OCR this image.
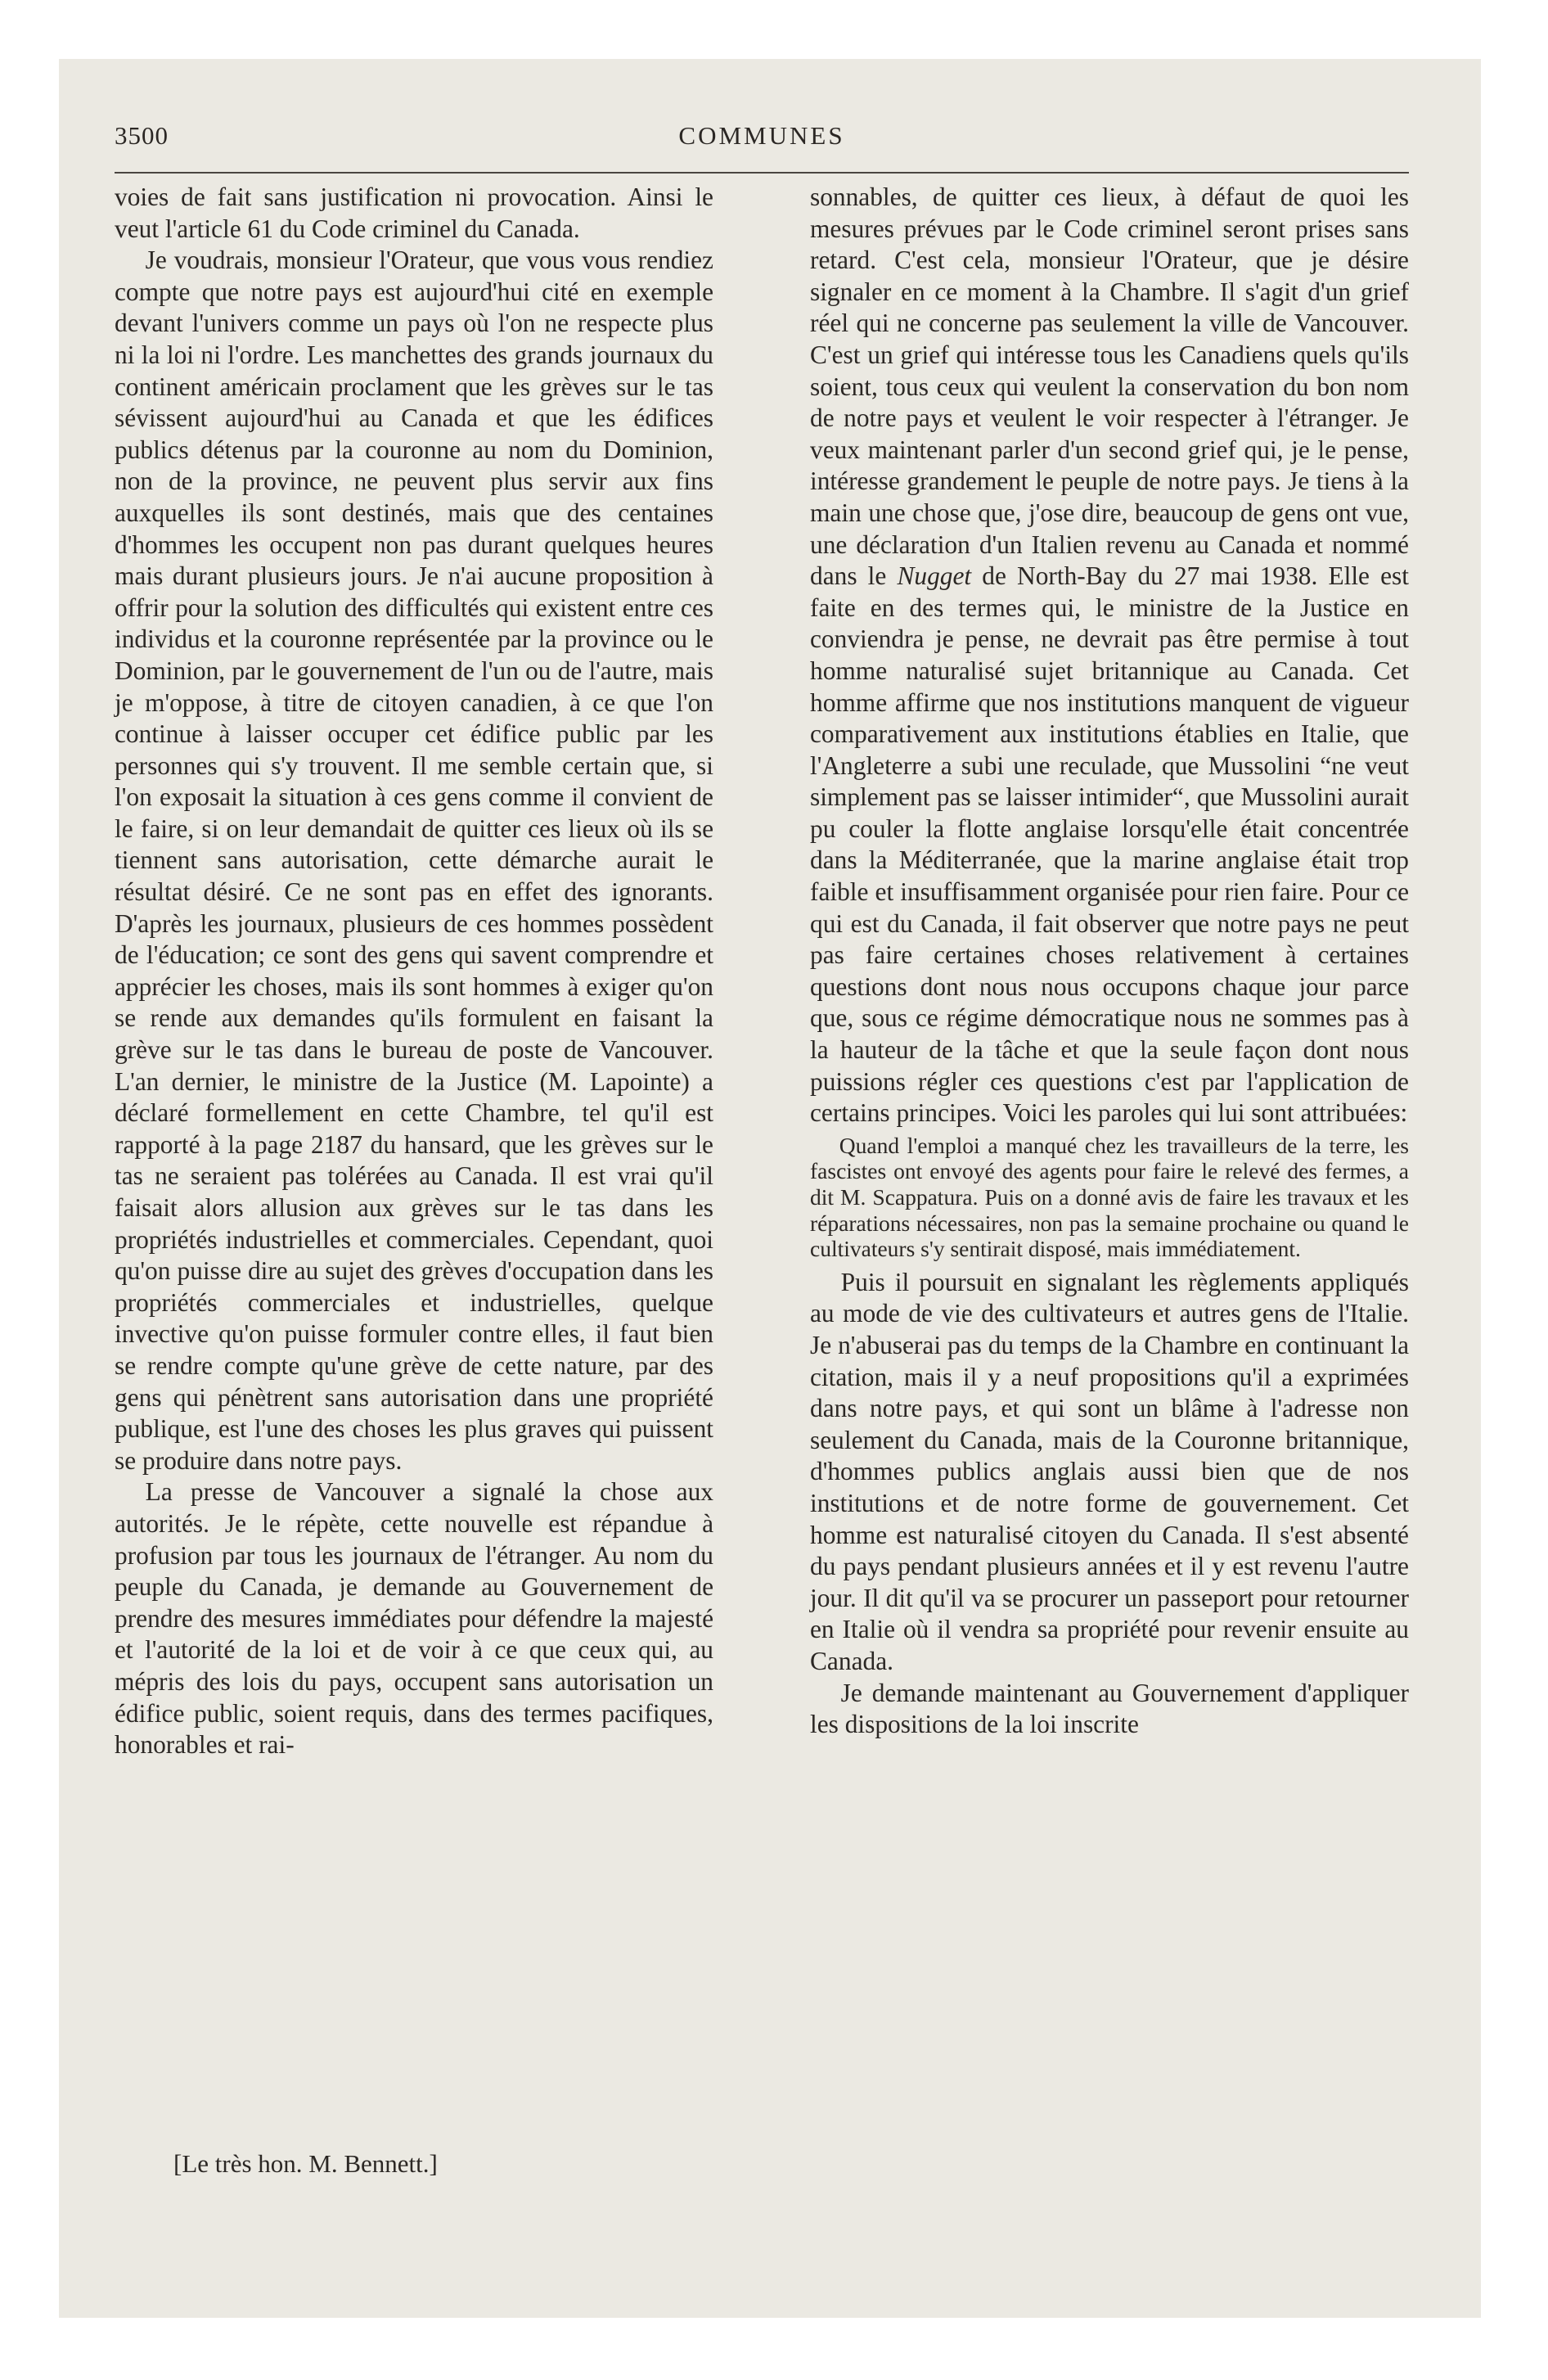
3500	COMMUNES

voies de fait sans justification ni provocation. Ainsi le veut l'article 61 du Code criminel du Canada.

Je voudrais, monsieur l'Orateur, que vous vous rendiez compte que notre pays est aujourd'hui cité en exemple devant l'univers comme un pays où l'on ne respecte plus ni la loi ni l'ordre. Les manchettes des grands journaux du continent américain proclament que les grèves sur le tas sévissent aujourd'hui au Canada et que les édifices publics détenus par la couronne au nom du Dominion, non de la province, ne peuvent plus servir aux fins auxquelles ils sont destinés, mais que des centaines d'hommes les occupent non pas durant quelques heures mais durant plusieurs jours. Je n'ai aucune proposition à offrir pour la solution des difficultés qui existent entre ces individus et la couronne représentée par la province ou le Dominion, par le gouvernement de l'un ou de l'autre, mais je m'oppose, à titre de citoyen canadien, à ce que l'on continue à laisser occuper cet édifice public par les personnes qui s'y trouvent. Il me semble certain que, si l'on exposait la situation à ces gens comme il convient de le faire, si on leur demandait de quitter ces lieux où ils se tiennent sans autorisation, cette démarche aurait le résultat désiré. Ce ne sont pas en effet des ignorants. D'après les journaux, plusieurs de ces hommes possèdent de l'éducation; ce sont des gens qui savent comprendre et apprécier les choses, mais ils sont hommes à exiger qu'on se rende aux demandes qu'ils formulent en faisant la grève sur le tas dans le bureau de poste de Vancouver. L'an dernier, le ministre de la Justice (M. Lapointe) a déclaré formellement en cette Chambre, tel qu'il est rapporté à la page 2187 du hansard, que les grèves sur le tas ne seraient pas tolérées au Canada. Il est vrai qu'il faisait alors allusion aux grèves sur le tas dans les propriétés industrielles et commerciales. Cependant, quoi qu'on puisse dire au sujet des grèves d'occupation dans les propriétés commerciales et industrielles, quelque invective qu'on puisse formuler contre elles, il faut bien se rendre compte qu'une grève de cette nature, par des gens qui pénètrent sans autorisation dans une propriété publique, est l'une des choses les plus graves qui puissent se produire dans notre pays.

La presse de Vancouver a signalé la chose aux autorités. Je le répète, cette nouvelle est répandue à profusion par tous les journaux de l'étranger. Au nom du peuple du Canada, je demande au Gouvernement de prendre des mesures immédiates pour défendre la majesté et l'autorité de la loi et de voir à ce que ceux qui, au mépris des lois du pays, occupent sans autorisation un édifice public, soient requis, dans des termes pacifiques, honorables et rai-

sonnables, de quitter ces lieux, à défaut de quoi les mesures prévues par le Code criminel seront prises sans retard. C'est cela, monsieur l'Orateur, que je désire signaler en ce moment à la Chambre. Il s'agit d'un grief réel qui ne concerne pas seulement la ville de Vancouver. C'est un grief qui intéresse tous les Canadiens quels qu'ils soient, tous ceux qui veulent la conservation du bon nom de notre pays et veulent le voir respecter à l'étranger. Je veux maintenant parler d'un second grief qui, je le pense, intéresse grandement le peuple de notre pays. Je tiens à la main une chose que, j'ose dire, beaucoup de gens ont vue, une déclaration d'un Italien revenu au Canada et nommé dans le Nugget de North-Bay du 27 mai 1938. Elle est faite en des termes qui, le ministre de la Justice en conviendra je pense, ne devrait pas être permise à tout homme naturalisé sujet britannique au Canada. Cet homme affirme que nos institutions manquent de vigueur comparativement aux institutions établies en Italie, que l'Angleterre a subi une reculade, que Mussolini “ne veut simplement pas se laisser intimider“, que Mussolini aurait pu couler la flotte anglaise lorsqu'elle était concentrée dans la Méditerranée, que la marine anglaise était trop faible et insuffisamment organisée pour rien faire. Pour ce qui est du Canada, il fait observer que notre pays ne peut pas faire certaines choses relativement à certaines questions dont nous nous occupons chaque jour parce que, sous ce régime démocratique nous ne sommes pas à la hauteur de la tâche et que la seule façon dont nous puissions régler ces questions c'est par l'application de certains principes. Voici les paroles qui lui sont attribuées:

Quand l'emploi a manqué chez les travailleurs de la terre, les fascistes ont envoyé des agents pour faire le relevé des fermes, a dit M. Scappatura. Puis on a donné avis de faire les travaux et les réparations nécessaires, non pas la semaine prochaine ou quand le cultivateurs s'y sentirait disposé, mais immédiatement.

Puis il poursuit en signalant les règlements appliqués au mode de vie des cultivateurs et autres gens de l'Italie. Je n'abuserai pas du temps de la Chambre en continuant la citation, mais il y a neuf propositions qu'il a exprimées dans notre pays, et qui sont un blâme à l'adresse non seulement du Canada, mais de la Couronne britannique, d'hommes publics anglais aussi bien que de nos institutions et de notre forme de gouvernement. Cet homme est naturalisé citoyen du Canada. Il s'est absenté du pays pendant plusieurs années et il y est revenu l'autre jour. Il dit qu'il va se procurer un passeport pour retourner en Italie où il vendra sa propriété pour revenir ensuite au Canada.

Je demande maintenant au Gouvernement d'appliquer les dispositions de la loi inscrite

[Le très hon. M. Bennett.]
